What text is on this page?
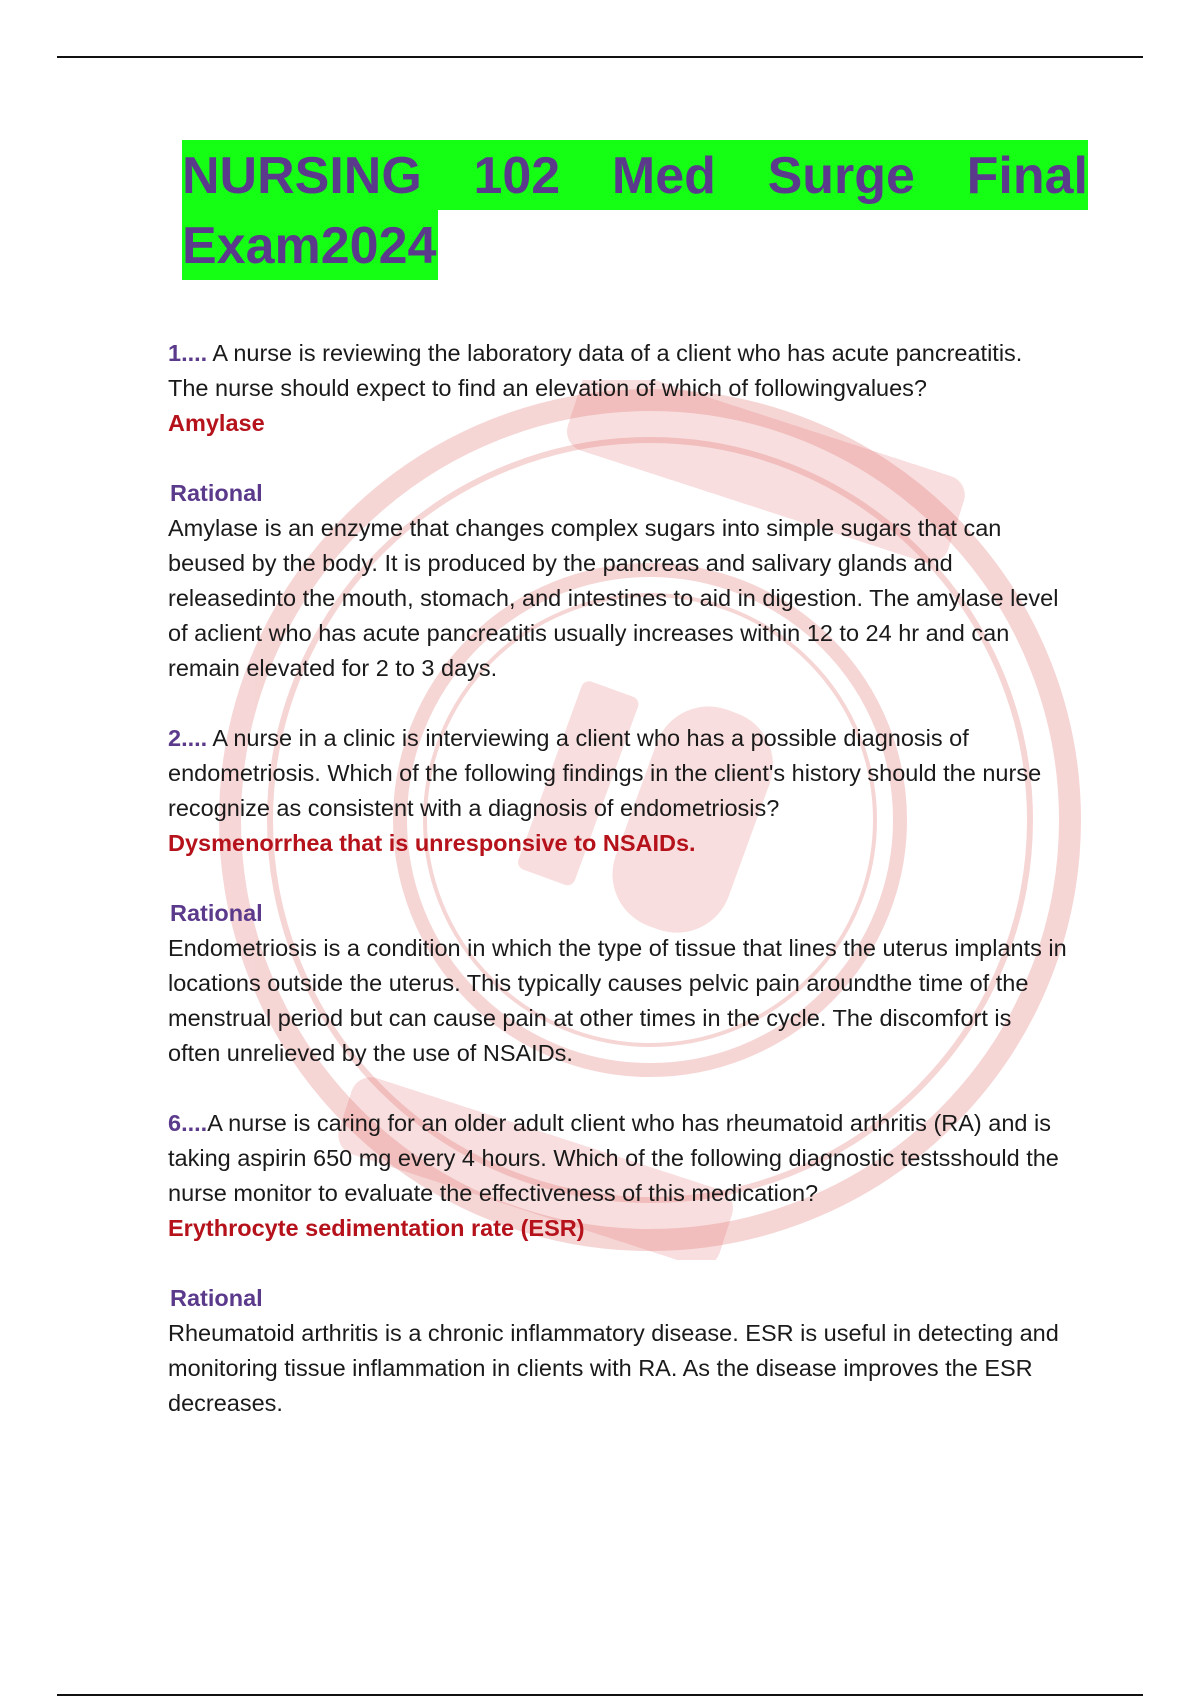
NURSING 102 Med Surge Final
Exam2024

1.... A nurse is reviewing the laboratory data of a client who has acute pancreatitis. The nurse should expect to find an elevation of which of followingvalues?

Amylase

Rational

Amylase is an enzyme that changes complex sugars into simple sugars that can beused by the body. It is produced by the pancreas and salivary glands and releasedinto the mouth, stomach, and intestines to aid in digestion. The amylase level of aclient who has acute pancreatitis usually increases within 12 to 24 hr and can remain elevated for 2 to 3 days.

2.... A nurse in a clinic is interviewing a client who has a possible diagnosis of endometriosis. Which of the following findings in the client's history should the nurse recognize as consistent with a diagnosis of endometriosis?

Dysmenorrhea that is unresponsive to NSAIDs.

Rational

Endometriosis is a condition in which the type of tissue that lines the uterus implants in locations outside the uterus. This typically causes pelvic pain aroundthe time of the menstrual period but can cause pain at other times in the cycle. The discomfort is often unrelieved by the use of NSAIDs.

6....A nurse is caring for an older adult client who has rheumatoid arthritis (RA) and is taking aspirin 650 mg every 4 hours. Which of the following diagnostic testsshould the nurse monitor to evaluate the effectiveness of this medication?

Erythrocyte sedimentation rate (ESR)

Rational

Rheumatoid arthritis is a chronic inflammatory disease. ESR is useful in detecting and monitoring tissue inflammation in clients with RA. As the disease improves the ESR decreases.
